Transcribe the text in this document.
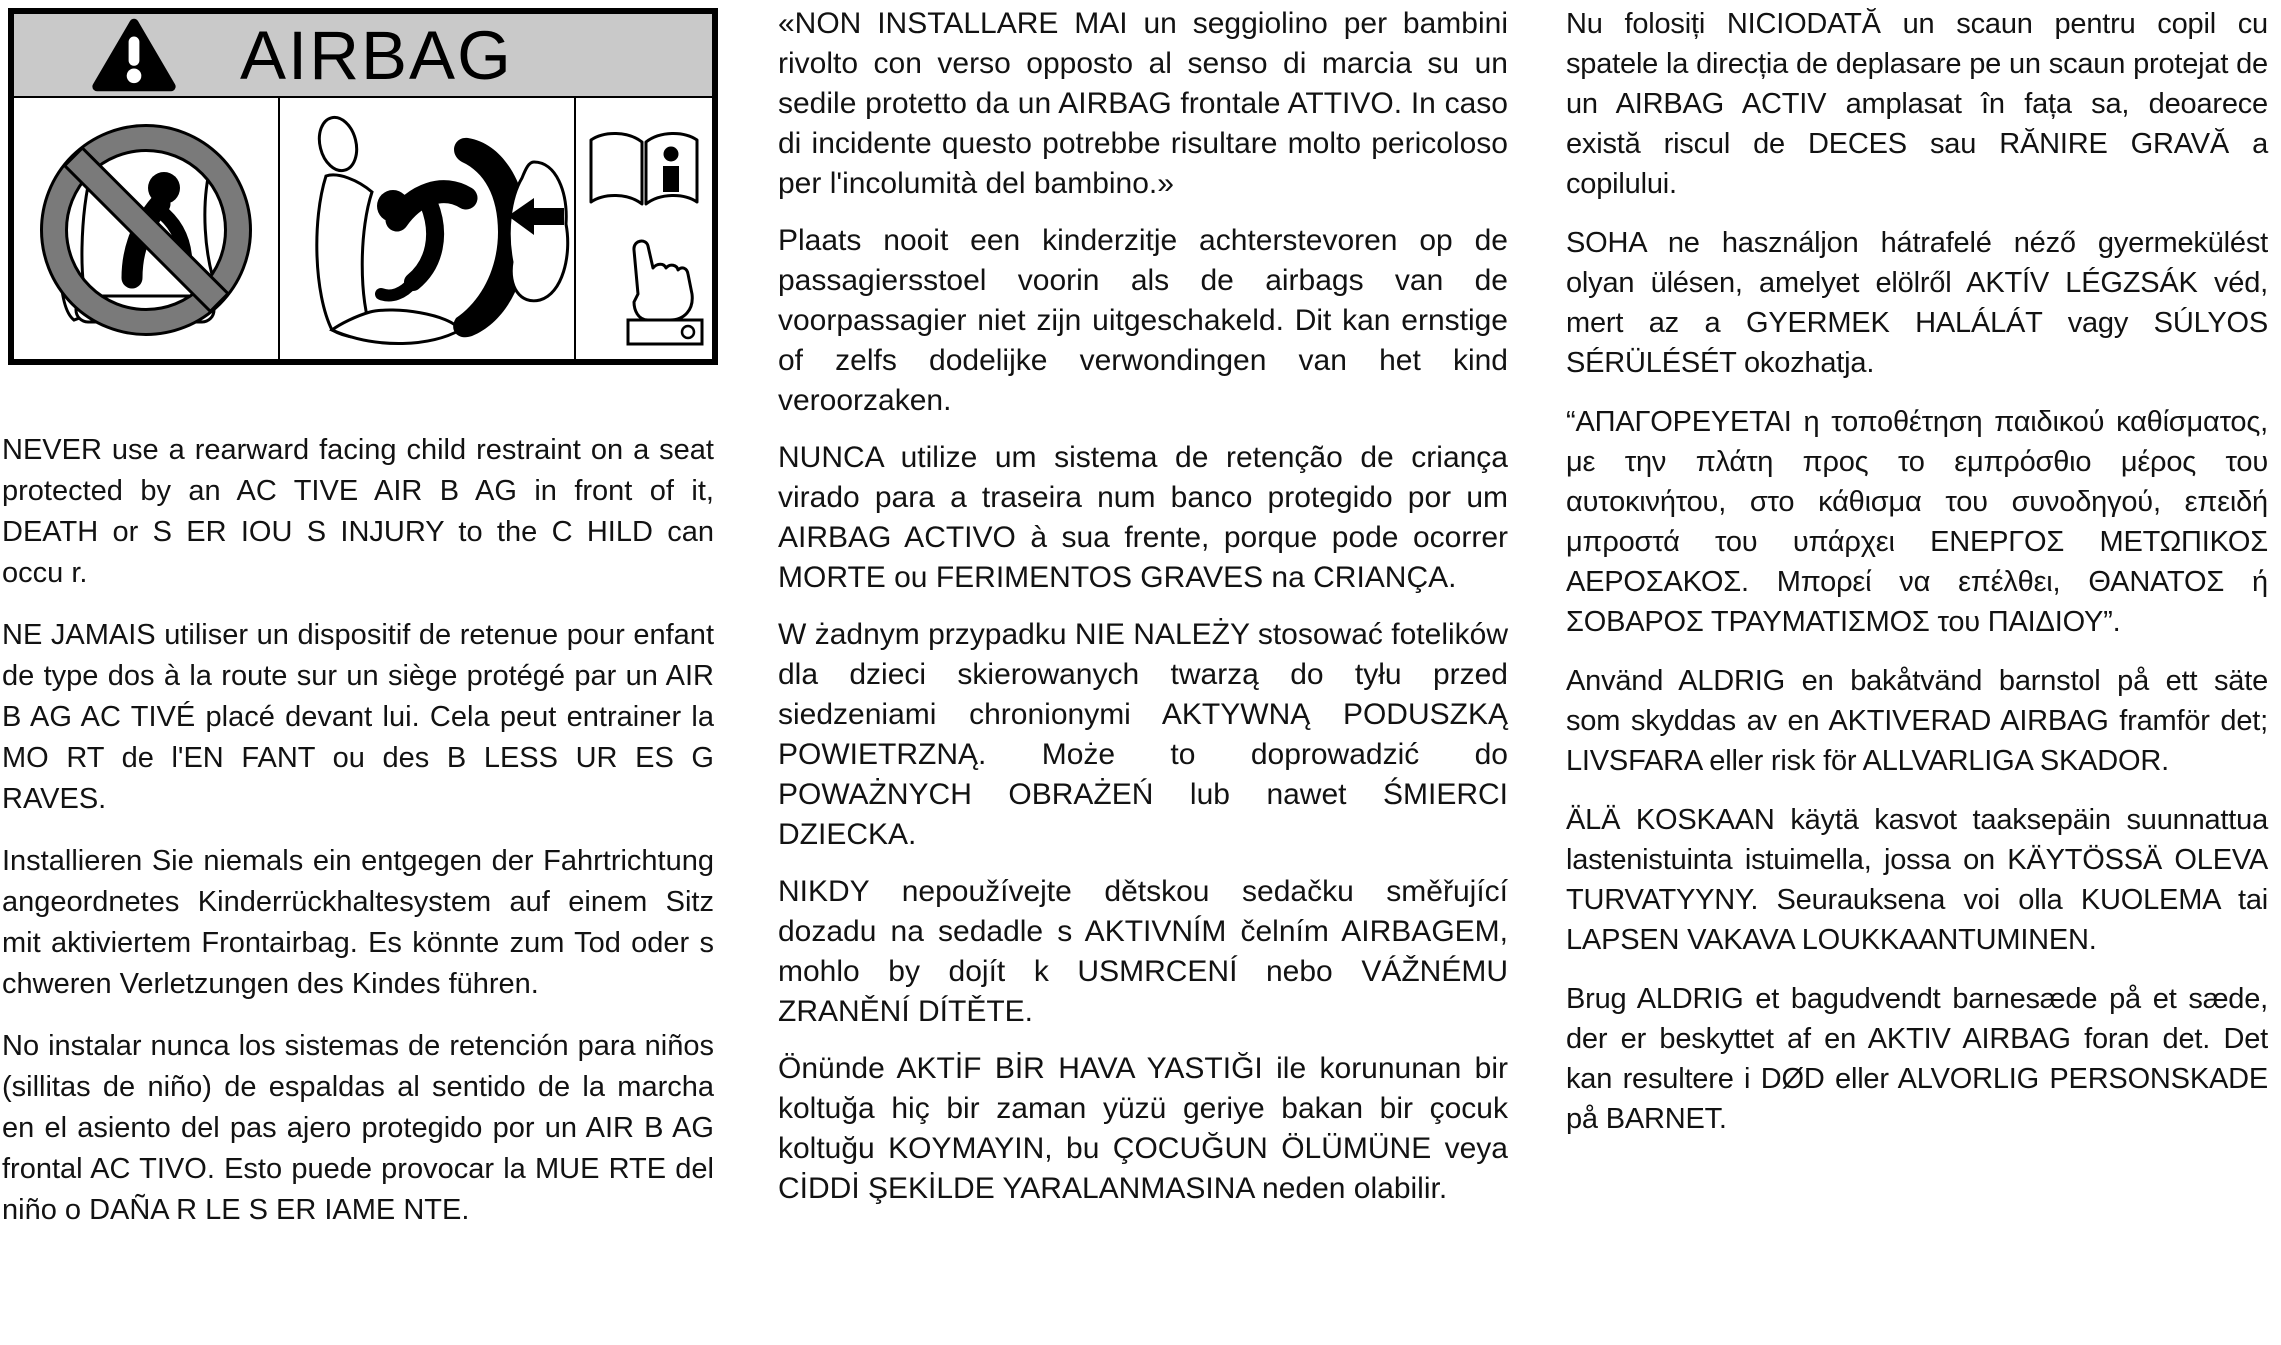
AIRBAG

NEVER use a rearward facing child restraint on a seat protected by an AC TIVE AIR B AG in front of it, DEATH or S ER IOU S INJURY to the C HILD can occu r.

NE JAMAIS utiliser un dispositif de retenue pour enfant de type dos à la route sur un siège protégé par un AIR B AG AC TIVÉ placé devant lui. Cela peut entrainer la MO RT de l'EN FANT ou des B LESS UR ES G RAVES.

Installieren Sie niemals ein entgegen der Fahrtrichtung angeordnetes Kinderrückhaltesystem auf einem Sitz mit aktiviertem Frontairbag. Es könnte zum Tod oder s chweren Verletzungen des Kindes führen.

No instalar nunca los sistemas de retención para niños (sillitas de niño) de espaldas al sentido de la marcha en el asiento del pas ajero protegido por un AIR B AG frontal AC TIVO. Esto puede provocar la MUE RTE del niño o DAÑA R LE S ER IAME NTE.

«NON INSTALLARE MAI un seggiolino per bambini rivolto con verso opposto al senso di marcia su un sedile protetto da un AIRBAG frontale ATTIVO. In caso di incidente questo potrebbe risultare molto pericoloso per l'incolumità del bambino.»

Plaats nooit een kinderzitje achterstevoren op de passagiersstoel voorin als de airbags van de voorpassagier niet zijn uitgeschakeld. Dit kan ernstige of zelfs dodelijke verwondingen van het kind veroorzaken.

NUNCA utilize um sistema de retenção de criança virado para a traseira num banco protegido por um AIRBAG ACTIVO à sua frente, porque pode ocorrer MORTE ou FERIMENTOS GRAVES na CRIANÇA.

W żadnym przypadku NIE NALEŻY stosować fotelików dla dzieci skierowanych twarzą do tyłu przed siedzeniami chronionymi AKTYWNĄ PODUSZKĄ POWIETRZNĄ. Może to doprowadzić do POWAŻNYCH OBRAŻEŃ lub nawet ŚMIERCI DZIECKA.

NIKDY nepoužívejte dětskou sedačku směřující dozadu na sedadle s AKTIVNÍM čelním AIRBAGEM, mohlo by dojít k USMRCENÍ nebo VÁŽNÉMU ZRANĚNÍ DÍTĚTE.

Önünde AKTİF BİR HAVA YASTIĞI ile korununan bir koltuğa hiç bir zaman yüzü geriye bakan bir çocuk koltuğu KOYMAYIN, bu ÇOCUĞUN ÖLÜMÜNE veya CİDDİ ŞEKİLDE YARALANMASINA neden olabilir.

Nu folosiți NICIODATĂ un scaun pentru copil cu spatele la direcția de deplasare pe un scaun protejat de un AIRBAG ACTIV amplasat în fața sa, deoarece există riscul de DECES sau RĂNIRE GRAVĂ a copilului.

SOHA ne használjon hátrafelé néző gyermekülést olyan ülésen, amelyet elölről AKTÍV LÉGZSÁK véd, mert az a GYERMEK HALÁLÁT vagy SÚLYOS SÉRÜLÉSÉT okozhatja.

“ΑΠΑΓΟΡΕΥΕΤΑΙ η τοποθέτηση παιδικού καθίσματος, με την πλάτη προς το εμπρόσθιο μέρος του αυτοκινήτου, στο κάθισμα του συνοδηγού, επειδή μπροστά του υπάρχει ΕΝΕΡΓΟΣ ΜΕΤΩΠΙΚΟΣ ΑΕΡΟΣΑΚΟΣ. Μπορεί να επέλθει, ΘΑΝΑΤΟΣ ή ΣΟΒΑΡΟΣ ΤΡΑΥΜΑΤΙΣΜΟΣ του ΠΑΙΔΙΟΥ”.

Använd ALDRIG en bakåtvänd barnstol på ett säte som skyddas av en AKTIVERAD AIRBAG framför det; LIVSFARA eller risk för ALLVARLIGA SKADOR.

ÄLÄ KOSKAAN käytä kasvot taaksepäin suunnattua lastenistuinta istuimella, jossa on KÄYTÖSSÄ OLEVA TURVATYYNY. Seurauksena voi olla KUOLEMA tai LAPSEN VAKAVA LOUKKAANTUMINEN.

Brug ALDRIG et bagudvendt barnesæde på et sæde, der er beskyttet af en AKTIV AIRBAG foran det. Det kan resultere i DØD eller ALVORLIG PERSONSKADE på BARNET.
